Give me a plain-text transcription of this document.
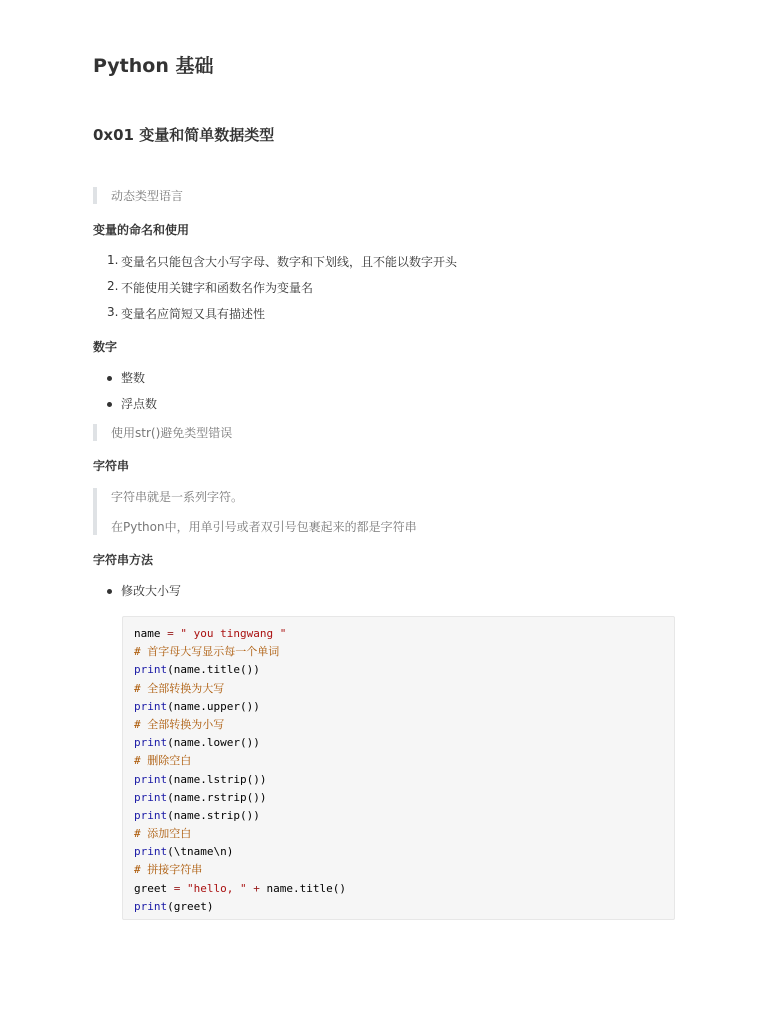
Python 基础
0x01 变量和简单数据类型

动态类型语言

变量的命名和使用
1. 变量名只能包含大小写字母、数字和下划线，且不能以数字开头
2. 不能使用关键字和函数名作为变量名
3. 变量名应简短又具有描述性
数字
整数
浮点数

使用str()避免类型错误

字符串

字符串就是一系列字符。

在Python中，用单引号或者双引号包裹起来的都是字符串

字符串方法
修改大小写
name = " you tingwang "
# 首字母大写显示每一个单词
print(name.title())
# 全部转换为大写
print(name.upper())
# 全部转换为小写
print(name.lower())
# 删除空白
print(name.lstrip())
print(name.rstrip())
print(name.strip())
# 添加空白
print(\tname\n)
# 拼接字符串
greet = "hello, " + name.title()
print(greet)
